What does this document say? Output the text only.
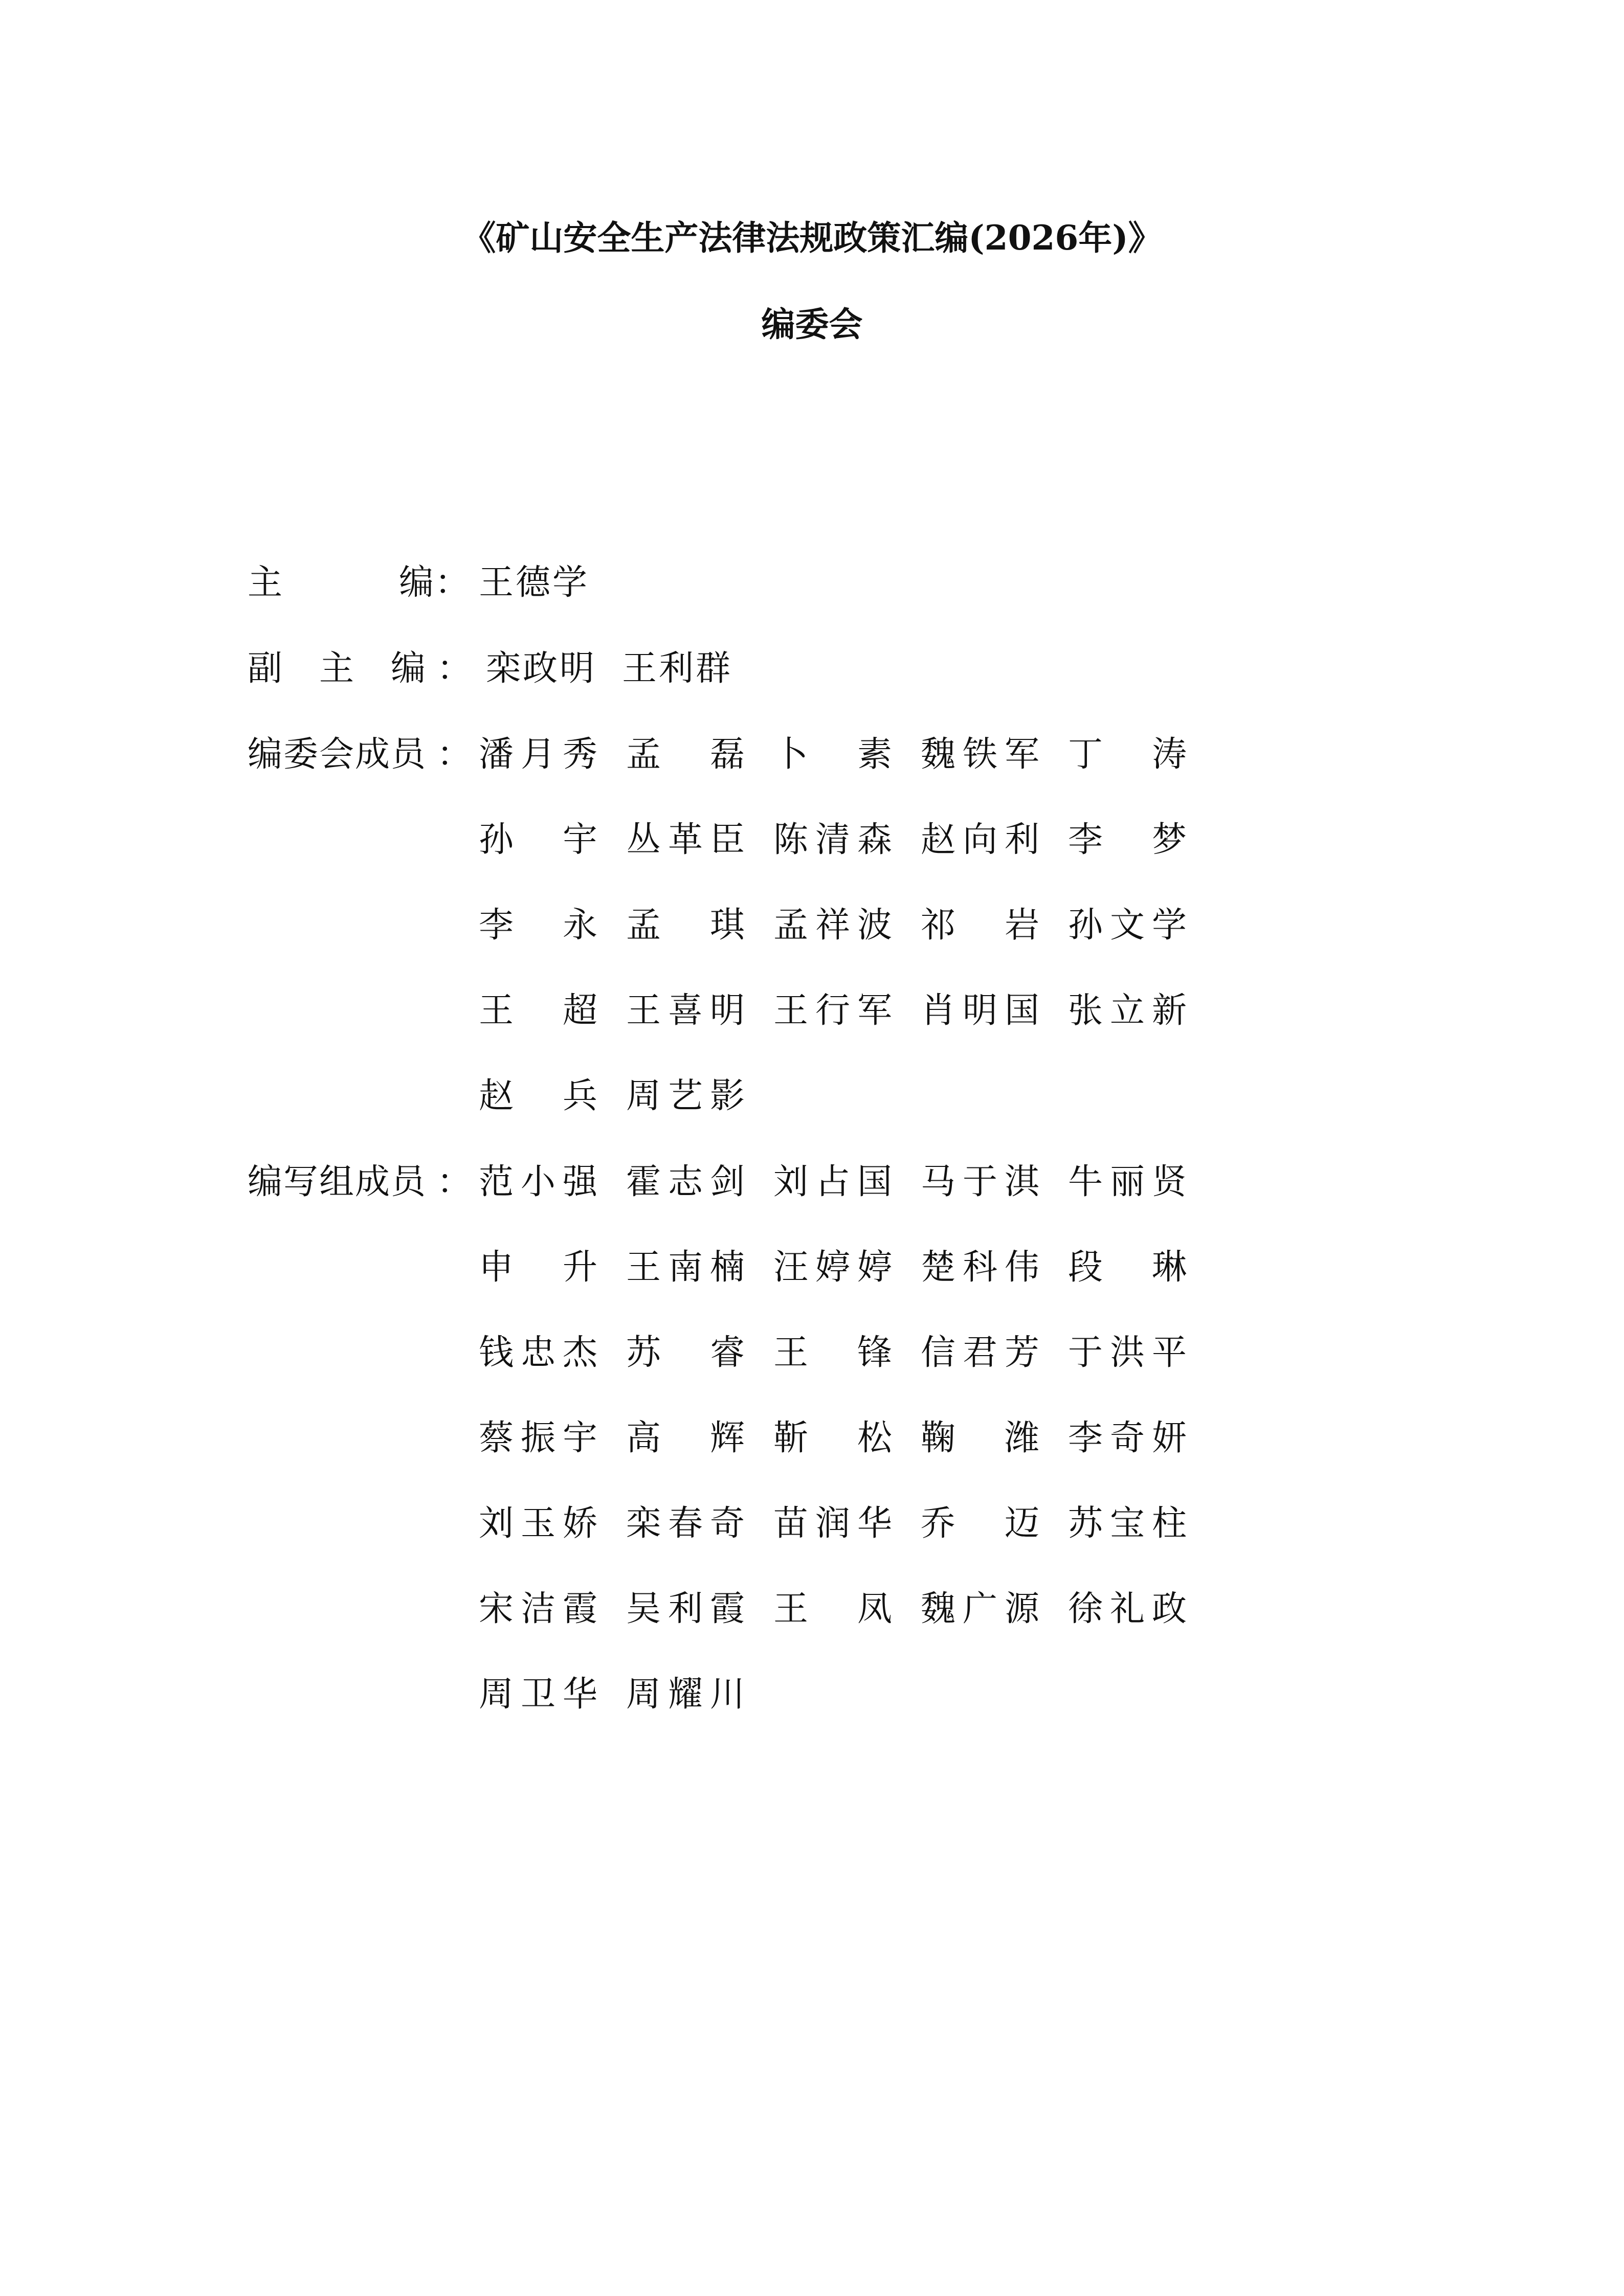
《矿山安全生产法律法规政策汇编(2026年)》
编委会
主	编 ： 王德学
副 主 编 ： 栾政明 王利群
编委会成员 ： 潘月秀 孟　磊 卜　素 魏铁军 丁　涛
孙　宇 丛革臣 陈清森 赵向利 李　梦
李　永 孟　琪 孟祥波 祁　岩 孙文学
王　超 王喜明 王行军 肖明国 张立新
赵　兵 周艺影
编写组成员 ： 范小强 霍志剑 刘占国 马于淇 牛丽贤
申　升 王南楠 汪婷婷 楚科伟 段　琳
钱忠杰 苏　睿 王　锋 信君芳 于洪平
蔡振宇 高　辉 靳　松 鞠　潍 李奇妍
刘玉娇 栾春奇 苗润华 乔　迈 苏宝柱
宋洁霞 吴利霞 王　凤 魏广源 徐礼政
周卫华 周耀川
